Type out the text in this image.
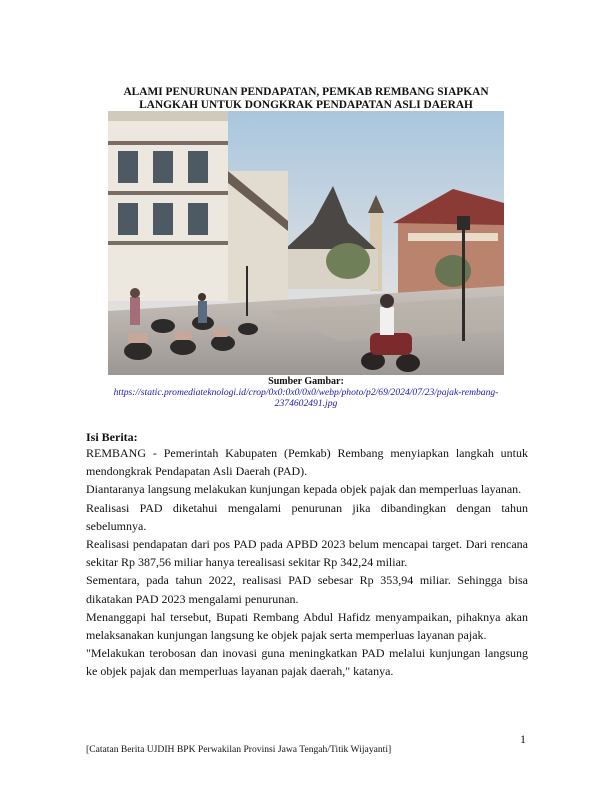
ALAMI PENURUNAN PENDAPATAN, PEMKAB REMBANG SIAPKAN LANGKAH UNTUK DONGKRAK PENDAPATAN ASLI DAERAH
Sumber Gambar:
https://static.promediateknologi.id/crop/0x0:0x0/0x0/webp/photo/p2/69/2024/07/23/pajak-rembang-2374602491.jpg
Isi Berita:

REMBANG - Pemerintah Kabupaten (Pemkab) Rembang menyiapkan langkah untuk mendongkrak Pendapatan Asli Daerah (PAD).

Diantaranya langsung melakukan kunjungan kepada objek pajak dan memperluas layanan.

Realisasi PAD diketahui mengalami penurunan jika dibandingkan dengan tahun sebelumnya.

Realisasi pendapatan dari pos PAD pada APBD 2023 belum mencapai target. Dari rencana sekitar Rp 387,56 miliar hanya terealisasi sekitar Rp 342,24 miliar.

Sementara, pada tahun 2022, realisasi PAD sebesar Rp 353,94 miliar. Sehingga bisa dikatakan PAD 2023 mengalami penurunan.

Menanggapi hal tersebut, Bupati Rembang Abdul Hafidz menyampaikan, pihaknya akan melaksanakan kunjungan langsung ke objek pajak serta memperluas layanan pajak.

"Melakukan terobosan dan inovasi guna meningkatkan PAD melalui kunjungan langsung ke objek pajak dan memperluas layanan pajak daerah," katanya.

1
[Catatan Berita UJDIH BPK Perwakilan Provinsi Jawa Tengah/Titik Wijayanti]
